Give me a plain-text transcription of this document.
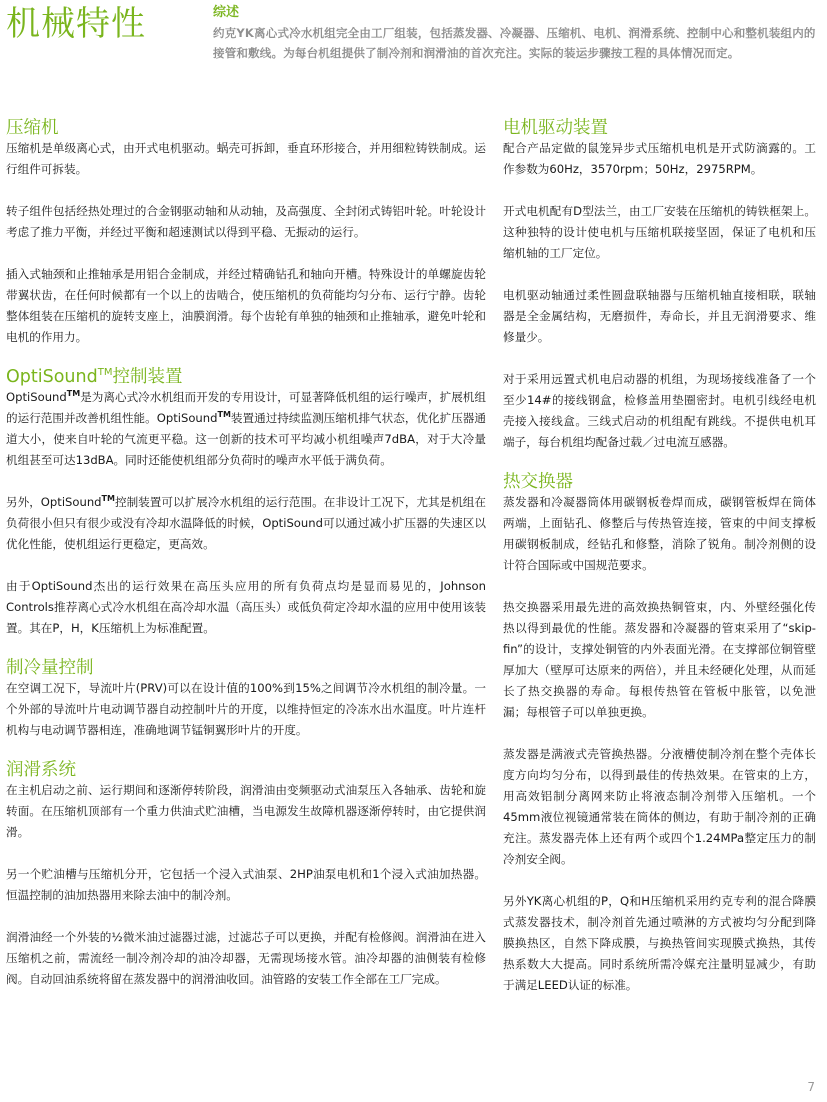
机械特性	综述
约克YK离心式冷水机组完全由工厂组装，包括蒸发器、冷凝器、压缩机、电机、润滑系统、控制中心和整机装组内的接管和敷线。为每台机组提供了制冷剂和润滑油的首次充注。实际的装运步骤按工程的具体情况而定。
压缩机

压缩机是单级离心式，由开式电机驱动。蜗壳可拆卸，垂直环形接合，并用细粒铸铁制成。运行组件可拆装。

转子组件包括经热处理过的合金钢驱动轴和从动轴，及高强度、全封闭式铸铝叶轮。叶轮设计考虑了推力平衡，并经过平衡和超速测试以得到平稳、无振动的运行。

插入式轴颈和止推轴承是用铝合金制成，并经过精确钻孔和轴向开槽。特殊设计的单螺旋齿轮带翼状齿，在任何时候都有一个以上的齿啮合，使压缩机的负荷能均匀分布、运行宁静。齿轮整体组装在压缩机的旋转支座上，油膜润滑。每个齿轮有单独的轴颈和止推轴承，避免叶轮和电机的作用力。

OptiSound™控制装置

OptiSound™是为离心式冷水机组而开发的专用设计，可显著降低机组的运行噪声，扩展机组的运行范围并改善机组性能。OptiSound™装置通过持续监测压缩机排气状态，优化扩压器通道大小，使来自叶轮的气流更平稳。这一创新的技术可平均减小机组噪声7dBA，对于大冷量机组甚至可达13dBA。同时还能使机组部分负荷时的噪声水平低于满负荷。

另外，OptiSound™控制装置可以扩展冷水机组的运行范围。在非设计工况下，尤其是机组在负荷很小但只有很少或没有冷却水温降低的时候，OptiSound可以通过减小扩压器的失速区以优化性能，使机组运行更稳定，更高效。

由于OptiSound杰出的运行效果在高压头应用的所有负荷点均是显而易见的，Johnson Controls推荐离心式冷水机组在高冷却水温（高压头）或低负荷定冷却水温的应用中使用该装置。其在P，H，K压缩机上为标准配置。

制冷量控制

在空调工况下，导流叶片(PRV)可以在设计值的100%到15%之间调节冷水机组的制冷量。一个外部的导流叶片电动调节器自动控制叶片的开度，以维持恒定的冷冻水出水温度。叶片连杆机构与电动调节器相连，准确地调节锰铜翼形叶片的开度。

润滑系统

在主机启动之前、运行期间和逐渐停转阶段，润滑油由变频驱动式油泵压入各轴承、齿轮和旋转面。在压缩机顶部有一个重力供油式贮油槽，当电源发生故障机器逐渐停转时，由它提供润滑。

另一个贮油槽与压缩机分开，它包括一个浸入式油泵、2HP油泵电机和1个浸入式油加热器。恒温控制的油加热器用来除去油中的制冷剂。

润滑油经一个外装的½微米油过滤器过滤，过滤芯子可以更换，并配有检修阀。润滑油在进入压缩机之前，需流经一制冷剂冷却的油冷却器，无需现场接水管。油冷却器的油侧装有检修阀。自动回油系统将留在蒸发器中的润滑油收回。油管路的安装工作全部在工厂完成。

电机驱动装置

配合产品定做的鼠笼异步式压缩机电机是开式防滴露的。工作参数为60Hz，3570rpm；50Hz，2975RPM。

开式电机配有D型法兰，由工厂安装在压缩机的铸铁框架上。这种独特的设计使电机与压缩机联接坚固，保证了电机和压缩机轴的工厂定位。

电机驱动轴通过柔性圆盘联轴器与压缩机轴直接相联，联轴器是全金属结构，无磨损件，寿命长，并且无润滑要求、维修量少。

对于采用远置式机电启动器的机组，为现场接线准备了一个至少14#的接线钢盒，检修盖用垫圈密封。电机引线经电机壳接入接线盒。三线式启动的机组配有跳线。不提供电机耳端子，每台机组均配备过载／过电流互感器。

热交换器

蒸发器和冷凝器筒体用碳钢板卷焊而成，碳钢管板焊在筒体两端，上面钻孔、修整后与传热管连接，管束的中间支撑板用碳钢板制成，经钻孔和修整，消除了锐角。制冷剂侧的设计符合国际或中国规范要求。

热交换器采用最先进的高效换热铜管束，内、外壁经强化传热以得到最优的性能。蒸发器和冷凝器的管束采用了“skip-fin”的设计，支撑处铜管的内外表面光滑。在支撑部位铜管壁厚加大（壁厚可达原来的两倍），并且未经硬化处理，从而延长了热交换器的寿命。每根传热管在管板中胀管，以免泄漏；每根管子可以单独更换。

蒸发器是满液式壳管换热器。分液槽使制冷剂在整个壳体长度方向均匀分布，以得到最佳的传热效果。在管束的上方，用高效铝制分离网来防止将液态制冷剂带入压缩机。一个45mm液位视镜通常装在筒体的侧边，有助于制冷剂的正确充注。蒸发器壳体上还有两个或四个1.24MPa整定压力的制冷剂安全阀。

另外YK离心机组的P，Q和H压缩机采用约克专利的混合降膜式蒸发器技术，制冷剂首先通过喷淋的方式被均匀分配到降膜换热区，自然下降成膜，与换热管间实现膜式换热，其传热系数大大提高。同时系统所需冷媒充注量明显减少，有助于满足LEED认证的标准。

7
